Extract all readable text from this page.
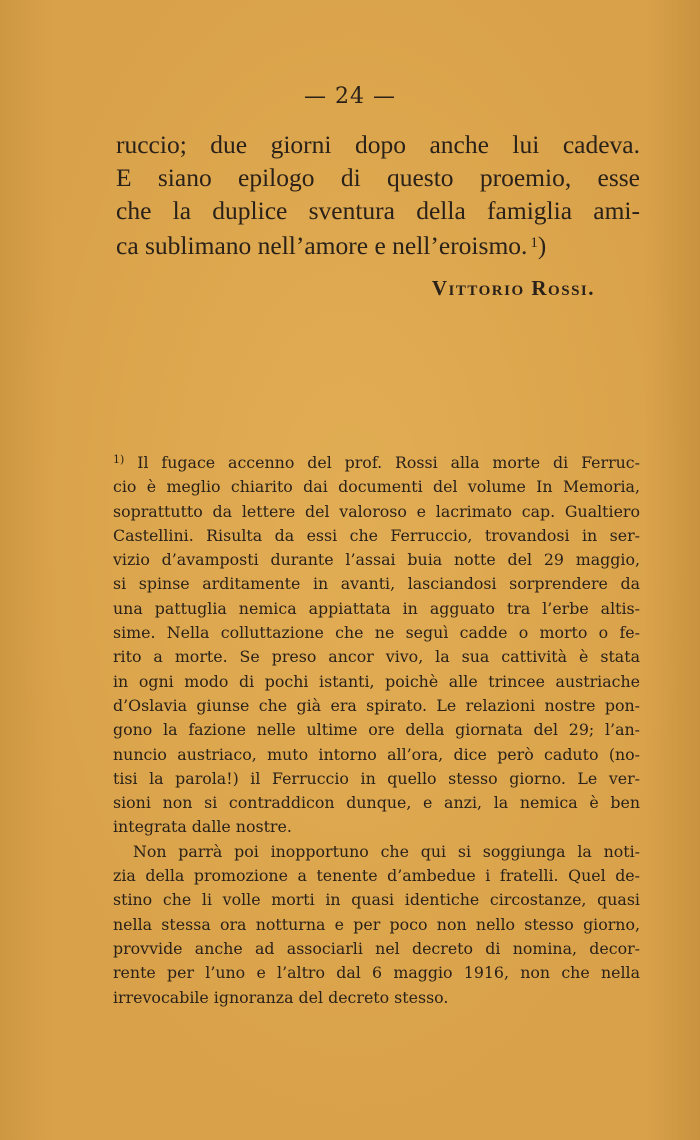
— 24 —
ruccio; due giorni dopo anche lui cadeva.
E siano epilogo di questo proemio, esse
che la duplice sventura della famiglia ami-
ca sublimano nell’amore e nell’eroismo. $^1$)
Vittorio Rossi.
$^{1)}$ Il fugace accenno del prof. Rossi alla morte di Ferruc-
cio è meglio chiarito dai documenti del volume In Memoria,
soprattutto da lettere del valoroso e lacrimato cap. Gualtiero
Castellini. Risulta da essi che Ferruccio, trovandosi in ser-
vizio d’avamposti durante l’assai buia notte del 29 maggio,
si spinse arditamente in avanti, lasciandosi sorprendere da
una pattuglia nemica appiattata in agguato tra l’erbe altis-
sime. Nella colluttazione che ne seguì cadde o morto o fe-
rito a morte. Se preso ancor vivo, la sua cattività è stata
in ogni modo di pochi istanti, poichè alle trincee austriache
d’Oslavia giunse che già era spirato. Le relazioni nostre pon-
gono la fazione nelle ultime ore della giornata del 29; l’an-
nuncio austriaco, muto intorno all’ora, dice però caduto (no-
tisi la parola!) il Ferruccio in quello stesso giorno. Le ver-
sioni non si contraddicon dunque, e anzi, la nemica è ben
integrata dalle nostre.
Non parrà poi inopportuno che qui si soggiunga la noti-
zia della promozione a tenente d’ambedue i fratelli. Quel de-
stino che li volle morti in quasi identiche circostanze, quasi
nella stessa ora notturna e per poco non nello stesso giorno,
provvide anche ad associarli nel decreto di nomina, decor-
rente per l’uno e l’altro dal 6 maggio 1916, non che nella
irrevocabile ignoranza del decreto stesso.
